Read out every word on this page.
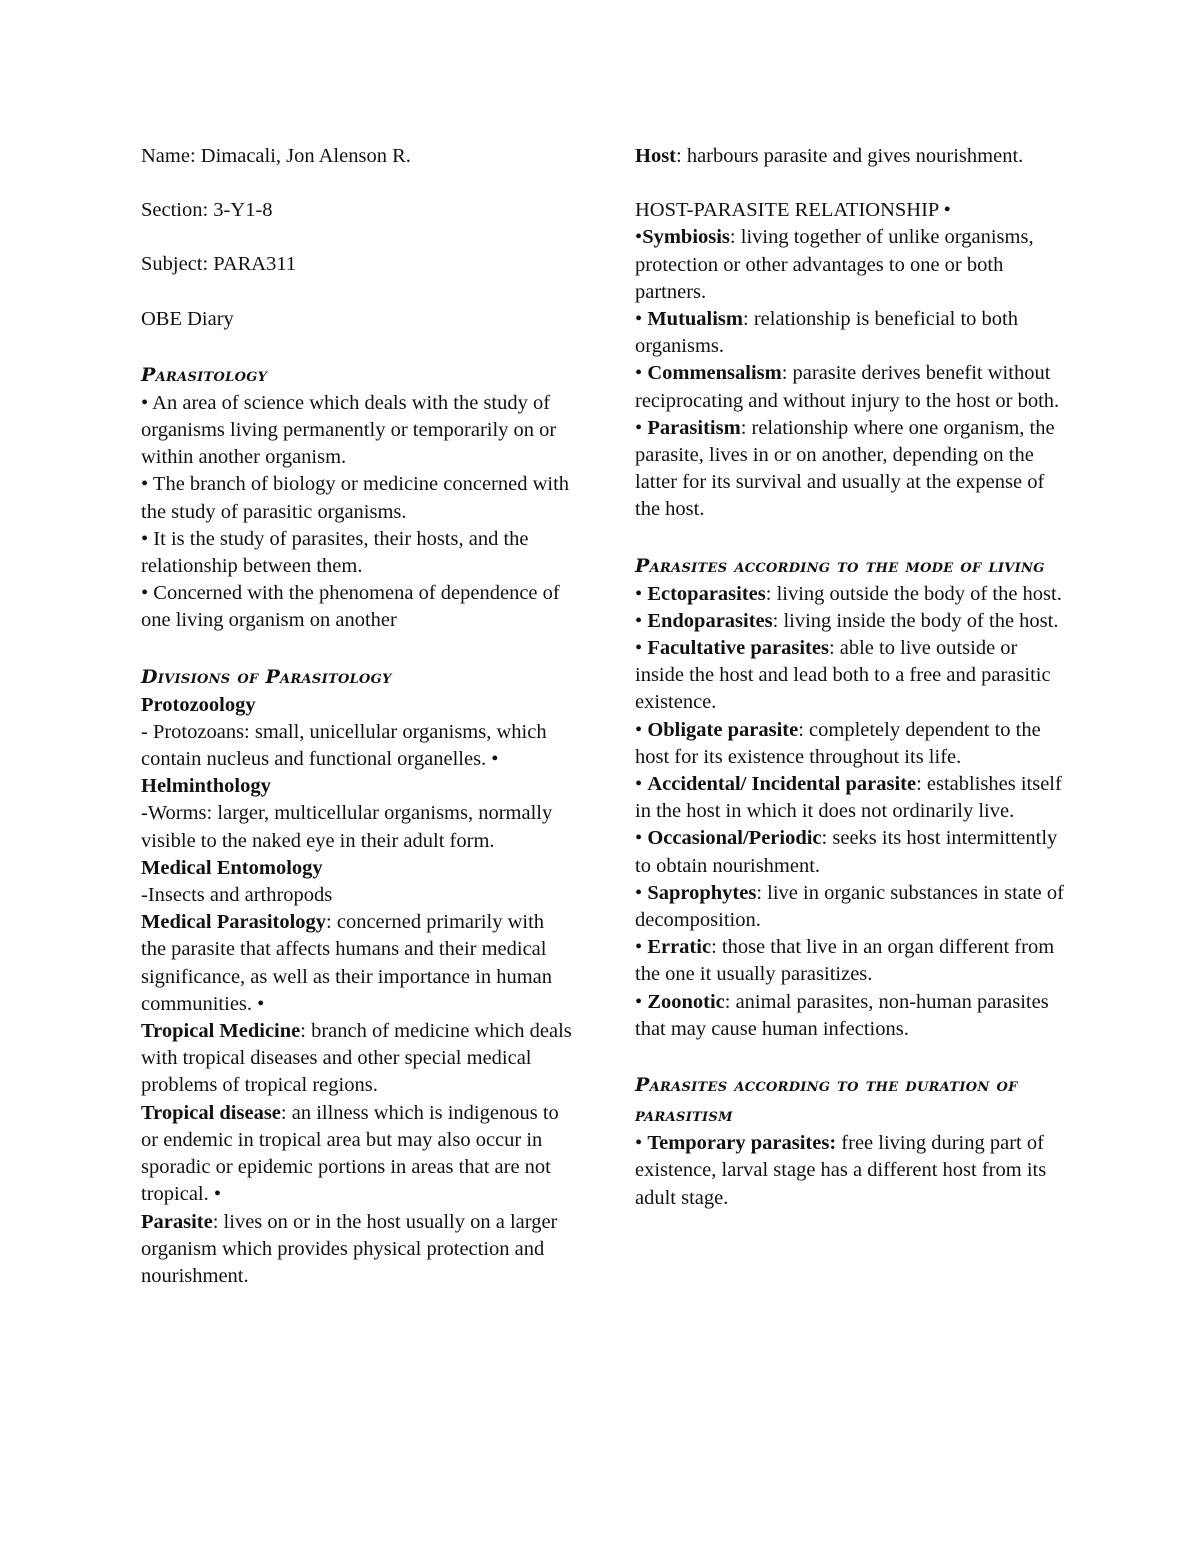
Name: Dimacali, Jon Alenson R.

Section: 3-Y1-8

Subject: PARA311

OBE Diary

Parasitology

• An area of science which deals with the study of organisms living permanently or temporarily on or within another organism.

• The branch of biology or medicine concerned with the study of parasitic organisms.

• It is the study of parasites, their hosts, and the relationship between them.

• Concerned with the phenomena of dependence of one living organism on another

Divisions of Parasitology

Protozoology

- Protozoans: small, unicellular organisms, which contain nucleus and functional organelles. •

Helminthology

-Worms: larger, multicellular organisms, normally visible to the naked eye in their adult form.

Medical Entomology

-Insects and arthropods

Medical Parasitology: concerned primarily with the parasite that affects humans and their medical significance, as well as their importance in human communities. •

Tropical Medicine: branch of medicine which deals with tropical diseases and other special medical problems of tropical regions.

Tropical disease: an illness which is indigenous to or endemic in tropical area but may also occur in sporadic or epidemic portions in areas that are not tropical. •

Parasite: lives on or in the host usually on a larger organism which provides physical protection and nourishment.

Host: harbours parasite and gives nourishment.

HOST-PARASITE RELATIONSHIP •

•Symbiosis: living together of unlike organisms, protection or other advantages to one or both partners.

• Mutualism: relationship is beneficial to both organisms.

• Commensalism: parasite derives benefit without reciprocating and without injury to the host or both.

• Parasitism: relationship where one organism, the parasite, lives in or on another, depending on the latter for its survival and usually at the expense of the host.

Parasites according to the mode of living

• Ectoparasites: living outside the body of the host.

• Endoparasites: living inside the body of the host.

• Facultative parasites: able to live outside or inside the host and lead both to a free and parasitic existence.

• Obligate parasite: completely dependent to the host for its existence throughout its life.

• Accidental/ Incidental parasite: establishes itself in the host in which it does not ordinarily live.

• Occasional/Periodic: seeks its host intermittently to obtain nourishment.

• Saprophytes: live in organic substances in state of decomposition.

• Erratic: those that live in an organ different from the one it usually parasitizes.

• Zoonotic: animal parasites, non-human parasites that may cause human infections.

Parasites according to the duration of parasitism

• Temporary parasites: free living during part of existence, larval stage has a different host from its adult stage.
